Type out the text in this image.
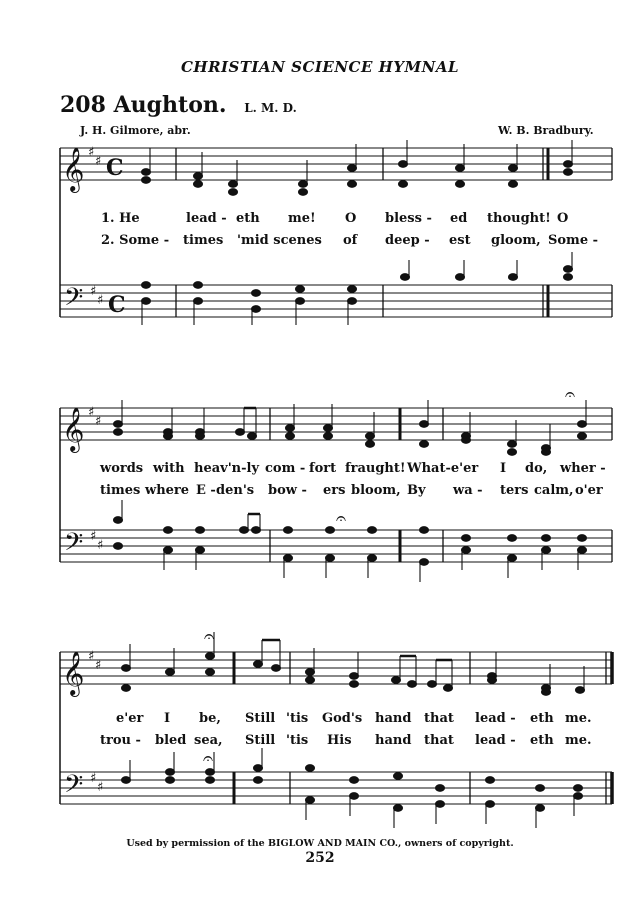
CHRISTIAN SCIENCE HYMNAL
208 Aughton. L. M. D.
J. H. Gilmore, abr.	W. B. Bradbury.
𝄞
𝄢
𝄞
𝄢
𝄞
𝄢
♯
♯
♯
♯
♯
♯
♯
♯
♯
♯
♯
♯
C
C
𝄐
𝄐
𝄐
𝄐
1. He	lead - eth me! O bless - ed thought! O
2. Some - times 'mid scenes of deep - est gloom, Some -
words with heav'n-ly com - fort fraught! What-e'er I do, wher -
times where E - den's bow - ers bloom, By wa - ters calm, o'er
e'er I be, Still 'tis God's hand that lead - eth me.
trou - bled sea, Still 'tis His hand that lead - eth me.
Used by permission of the BIGLOW AND MAIN CO., owners of copyright.
252
